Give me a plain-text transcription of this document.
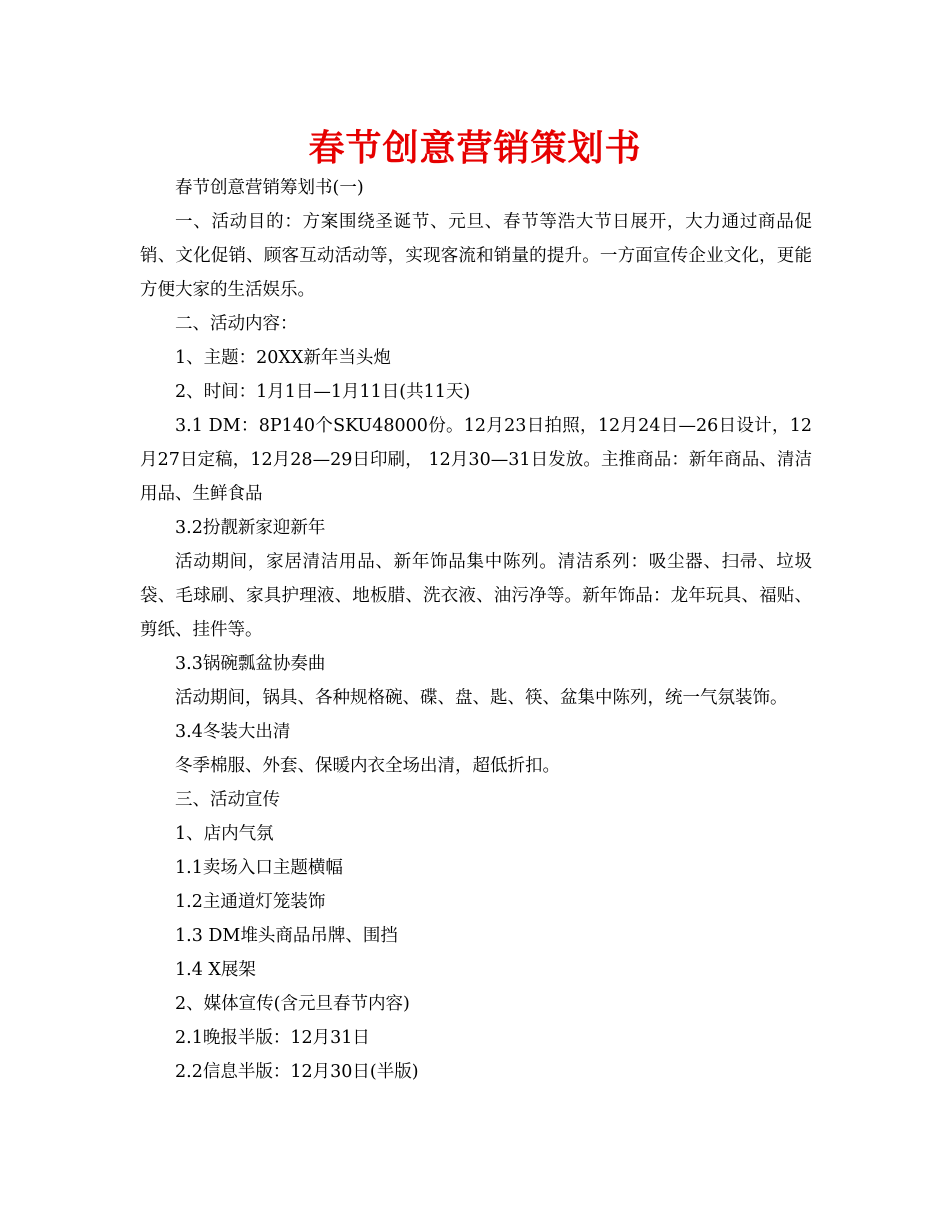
春节创意营销策划书

春节创意营销筹划书(一)

一、活动目的：方案围绕圣诞节、元旦、春节等浩大节日展开，大力通过商品促销、文化促销、顾客互动活动等，实现客流和销量的提升。一方面宣传企业文化，更能方便大家的生活娱乐。

二、活动内容：

1、主题：20XX新年当头炮

2、时间：1月1日—1月11日(共11天)

3.1 DM：8P140个SKU48000份。12月23日拍照，12月24日—26日设计，12月27日定稿，12月28—29日印刷， 12月30—31日发放。主推商品：新年商品、清洁用品、生鲜食品

3.2扮靓新家迎新年

活动期间，家居清洁用品、新年饰品集中陈列。清洁系列：吸尘器、扫帚、垃圾袋、毛球刷、家具护理液、地板腊、洗衣液、油污净等。新年饰品：龙年玩具、福贴、剪纸、挂件等。

3.3锅碗瓢盆协奏曲

活动期间，锅具、各种规格碗、碟、盘、匙、筷、盆集中陈列，统一气氛装饰。

3.4冬装大出清

冬季棉服、外套、保暖内衣全场出清，超低折扣。

三、活动宣传

1、店内气氛

1.1卖场入口主题横幅

1.2主通道灯笼装饰

1.3 DM堆头商品吊牌、围挡

1.4 X展架

2、媒体宣传(含元旦春节内容)

2.1晚报半版：12月31日

2.2信息半版：12月30日(半版)
